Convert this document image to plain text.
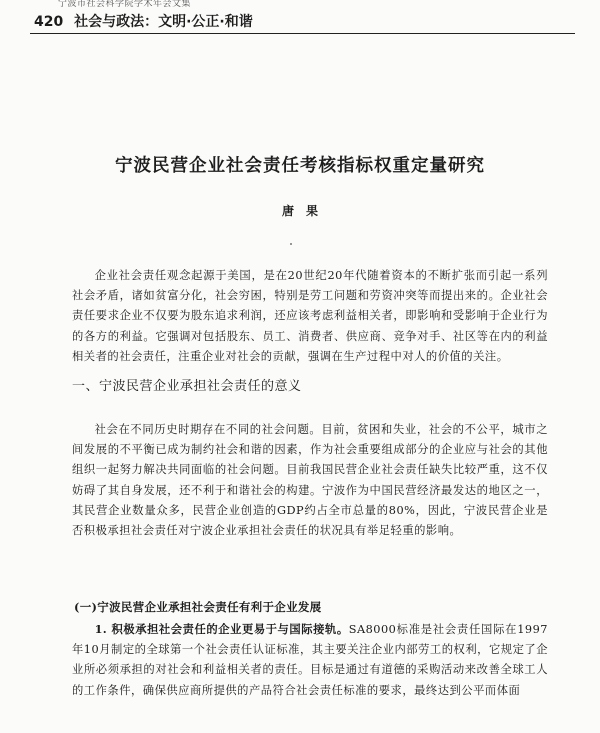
宁波市社会科学院学术年会文集
420 社会与政法：文明·公正·和谐
宁波民营企业社会责任考核指标权重定量研究
唐果

企业社会责任观念起源于美国，是在20世纪20年代随着资本的不断扩张而引起一系列社会矛盾，诸如贫富分化，社会穷困，特别是劳工问题和劳资冲突等而提出来的。企业社会责任要求企业不仅要为股东追求利润，还应该考虑利益相关者，即影响和受影响于企业行为的各方的利益。它强调对包括股东、员工、消费者、供应商、竞争对手、社区等在内的利益相关者的社会责任，注重企业对社会的贡献，强调在生产过程中对人的价值的关注。

一、宁波民营企业承担社会责任的意义

社会在不同历史时期存在不同的社会问题。目前，贫困和失业，社会的不公平，城市之间发展的不平衡已成为制约社会和谐的因素，作为社会重要组成部分的企业应与社会的其他组织一起努力解决共同面临的社会问题。目前我国民营企业社会责任缺失比较严重，这不仅妨碍了其自身发展，还不利于和谐社会的构建。宁波作为中国民营经济最发达的地区之一，其民营企业数量众多，民营企业创造的GDP约占全市总量的80%，因此，宁波民营企业是否积极承担社会责任对宁波企业承担社会责任的状况具有举足轻重的影响。

(一)宁波民营企业承担社会责任有利于企业发展

1. 积极承担社会责任的企业更易于与国际接轨。SA8000标准是社会责任国际在1997年10月制定的全球第一个社会责任认证标准，其主要关注企业内部劳工的权利，它规定了企业所必须承担的对社会和利益相关者的责任。目标是通过有道德的采购活动来改善全球工人的工作条件，确保供应商所提供的产品符合社会责任标准的要求，最终达到公平而体面
